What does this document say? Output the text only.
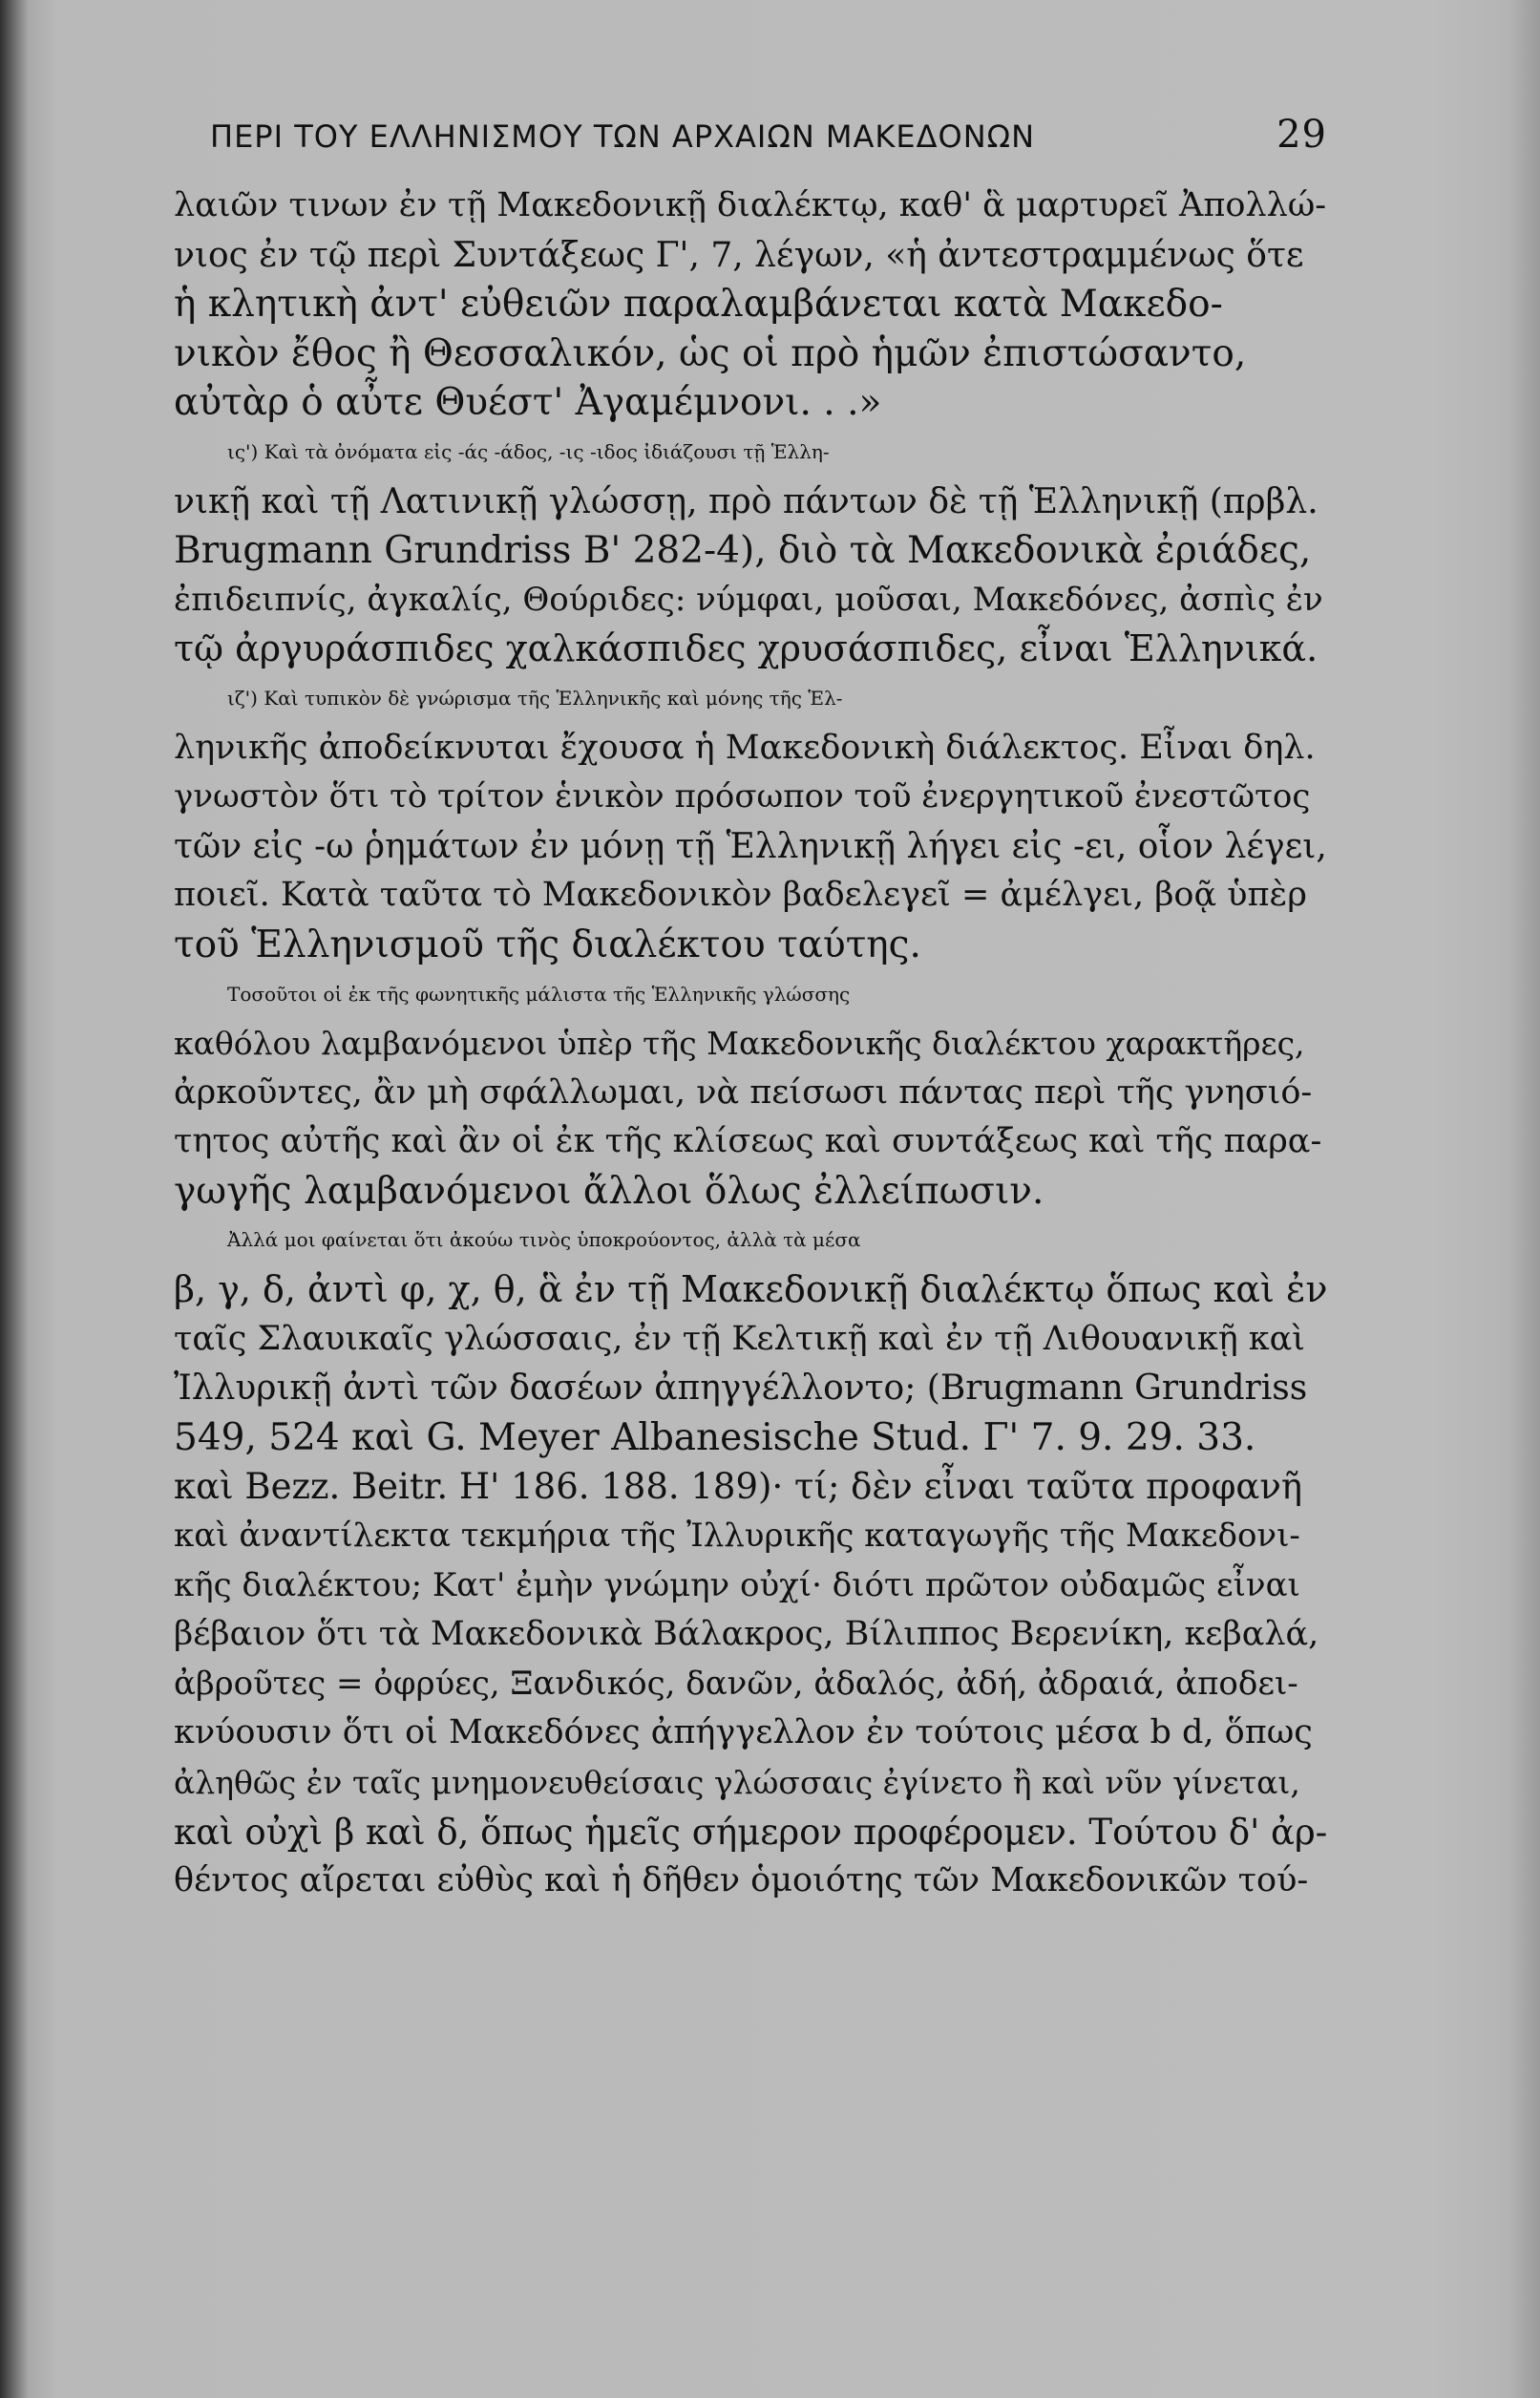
ΠΕΡΙ ΤΟΥ ΕΛΛΗΝΙΣΜΟΥ ΤΩΝ ΑΡΧΑΙΩΝ ΜΑΚΕΔΟΝΩΝ	29
λαιῶν τινων ἐν τῇ Μακεδονικῇ διαλέκτῳ, καθ' ἃ μαρτυρεῖ Ἀπολλώ-
νιος ἐν τῷ περὶ Συντάξεως Γ', 7, λέγων, «ἡ ἀντεστραμμένως ὅτε
ἡ κλητικὴ ἀντ' εὐθειῶν παραλαμβάνεται κατὰ Μακεδο-
νικὸν ἔθος ἢ Θεσσαλικόν, ὡς οἱ πρὸ ἡμῶν ἐπιστώσαντο,
αὐτὰρ ὁ αὖτε Θυέστ' Ἀγαμέμνονι. . .»
ις') Καὶ τὰ ὀνόματα εἰς -άς -άδος, -ις -ιδος ἰδιάζουσι τῇ Ἑλλη-
νικῇ καὶ τῇ Λατινικῇ γλώσσῃ, πρὸ πάντων δὲ τῇ Ἑλληνικῇ (πρβλ.
Brugmann Grundriss Β' 282-4), διὸ τὰ Μακεδονικὰ ἐριάδες,
ἐπιδειπνίς, ἀγκαλίς, Θούριδες: νύμφαι, μοῦσαι, Μακεδόνες, ἀσπὶς ἐν
τῷ ἀργυράσπιδες χαλκάσπιδες χρυσάσπιδες, εἶναι Ἑλληνικά.
ιζ') Καὶ τυπικὸν δὲ γνώρισμα τῆς Ἑλληνικῆς καὶ μόνης τῆς Ἑλ-
ληνικῆς ἀποδείκνυται ἔχουσα ἡ Μακεδονικὴ διάλεκτος. Εἶναι δηλ.
γνωστὸν ὅτι τὸ τρίτον ἑνικὸν πρόσωπον τοῦ ἐνεργητικοῦ ἐνεστῶτος
τῶν εἰς -ω ῥημάτων ἐν μόνῃ τῇ Ἑλληνικῇ λήγει εἰς -ει, οἷον λέγει,
ποιεῖ. Κατὰ ταῦτα τὸ Μακεδονικὸν βαδελεγεῖ = ἀμέλγει, βοᾷ ὑπὲρ
τοῦ Ἑλληνισμοῦ τῆς διαλέκτου ταύτης.
Τοσοῦτοι οἱ ἐκ τῆς φωνητικῆς μάλιστα τῆς Ἑλληνικῆς γλώσσης
καθόλου λαμβανόμενοι ὑπὲρ τῆς Μακεδονικῆς διαλέκτου χαρακτῆρες,
ἀρκοῦντες, ἂν μὴ σφάλλωμαι, νὰ πείσωσι πάντας περὶ τῆς γνησιό-
τητος αὐτῆς καὶ ἂν οἱ ἐκ τῆς κλίσεως καὶ συντάξεως καὶ τῆς παρα-
γωγῆς λαμβανόμενοι ἄλλοι ὅλως ἐλλείπωσιν.
Ἀλλά μοι φαίνεται ὅτι ἀκούω τινὸς ὑποκρούοντος, ἀλλὰ τὰ μέσα
β, γ, δ, ἀντὶ φ, χ, θ, ἃ ἐν τῇ Μακεδονικῇ διαλέκτῳ ὅπως καὶ ἐν
ταῖς Σλαυικαῖς γλώσσαις, ἐν τῇ Κελτικῇ καὶ ἐν τῇ Λιθουανικῇ καὶ
Ἰλλυρικῇ ἀντὶ τῶν δασέων ἀπηγγέλλοντο; (Brugmann Grundriss
549, 524 καὶ G. Meyer Albanesische Stud. Γ' 7. 9. 29. 33.
καὶ Bezz. Beitr. Η' 186. 188. 189)· τί; δὲν εἶναι ταῦτα προφανῆ
καὶ ἀναντίλεκτα τεκμήρια τῆς Ἰλλυρικῆς καταγωγῆς τῆς Μακεδονι-
κῆς διαλέκτου; Κατ' ἐμὴν γνώμην οὐχί· διότι πρῶτον οὐδαμῶς εἶναι
βέβαιον ὅτι τὰ Μακεδονικὰ Βάλακρος, Βίλιππος Βερενίκη, κεβαλά,
ἀβροῦτες = ὀφρύες, Ξανδικός, δανῶν, ἀδαλός, ἀδή, ἀδραιά, ἀποδει-
κνύουσιν ὅτι οἱ Μακεδόνες ἀπήγγελλον ἐν τούτοις μέσα b d, ὅπως
ἀληθῶς ἐν ταῖς μνημονευθείσαις γλώσσαις ἐγίνετο ἢ καὶ νῦν γίνεται,
καὶ οὐχὶ β καὶ δ, ὅπως ἡμεῖς σήμερον προφέρομεν. Τούτου δ' ἀρ-
θέντος αἴρεται εὐθὺς καὶ ἡ δῆθεν ὁμοιότης τῶν Μακεδονικῶν τού-
